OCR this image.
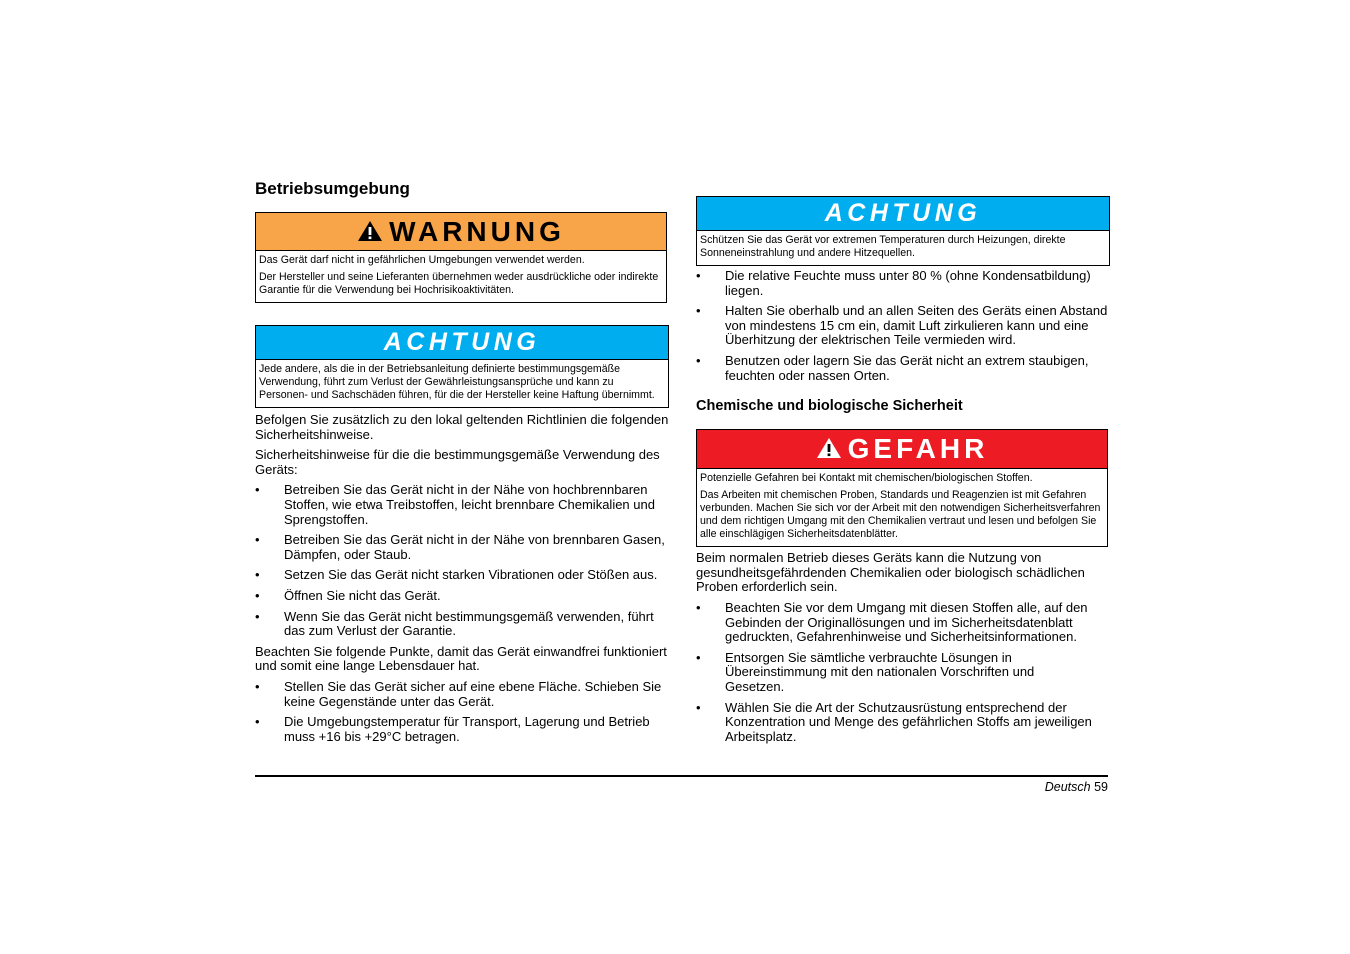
Betriebsumgebung
WARNUNG

Das Gerät darf nicht in gefährlichen Umgebungen verwendet werden.

Der Hersteller und seine Lieferanten übernehmen weder ausdrückliche oder indirekte Garantie für die Verwendung bei Hochrisikoaktivitäten.

ACHTUNG

Jede andere, als die in der Betriebsanleitung definierte bestimmungsgemäße Verwendung, führt zum Verlust der Gewährleistungsansprüche und kann zu Personen- und Sachschäden führen, für die der Hersteller keine Haftung übernimmt.

Befolgen Sie zusätzlich zu den lokal geltenden Richtlinien die folgenden Sicherheitshinweise.

Sicherheitshinweise für die die bestimmungsgemäße Verwendung des Geräts:

• Betreiben Sie das Gerät nicht in der Nähe von hochbrennbaren Stoffen, wie etwa Treibstoffen, leicht brennbare Chemikalien und Sprengstoffen.
• Betreiben Sie das Gerät nicht in der Nähe von brennbaren Gasen, Dämpfen, oder Staub.
• Setzen Sie das Gerät nicht starken Vibrationen oder Stößen aus.
• Öffnen Sie nicht das Gerät.
• Wenn Sie das Gerät nicht bestimmungsgemäß verwenden, führt das zum Verlust der Garantie.

Beachten Sie folgende Punkte, damit das Gerät einwandfrei funktioniert und somit eine lange Lebensdauer hat.

• Stellen Sie das Gerät sicher auf eine ebene Fläche. Schieben Sie keine Gegenstände unter das Gerät.
• Die Umgebungstemperatur für Transport, Lagerung und Betrieb muss +16 bis +29°C betragen.
ACHTUNG

Schützen Sie das Gerät vor extremen Temperaturen durch Heizungen, direkte Sonneneinstrahlung und andere Hitzequellen.

• Die relative Feuchte muss unter 80 % (ohne Kondensatbildung) liegen.
• Halten Sie oberhalb und an allen Seiten des Geräts einen Abstand von mindestens 15 cm ein, damit Luft zirkulieren kann und eine Überhitzung der elektrischen Teile vermieden wird.
• Benutzen oder lagern Sie das Gerät nicht an extrem staubigen, feuchten oder nassen Orten.
Chemische und biologische Sicherheit
GEFAHR

Potenzielle Gefahren bei Kontakt mit chemischen/biologischen Stoffen.

Das Arbeiten mit chemischen Proben, Standards und Reagenzien ist mit Gefahren verbunden. Machen Sie sich vor der Arbeit mit den notwendigen Sicherheitsverfahren und dem richtigen Umgang mit den Chemikalien vertraut und lesen und befolgen Sie alle einschlägigen Sicherheitsdatenblätter.

Beim normalen Betrieb dieses Geräts kann die Nutzung von gesundheitsgefährdenden Chemikalien oder biologisch schädlichen Proben erforderlich sein.

• Beachten Sie vor dem Umgang mit diesen Stoffen alle, auf den Gebinden der Originallösungen und im Sicherheitsdatenblatt gedruckten, Gefahrenhinweise und Sicherheitsinformationen.
• Entsorgen Sie sämtliche verbrauchte Lösungen in Übereinstimmung mit den nationalen Vorschriften und Gesetzen.
• Wählen Sie die Art der Schutzausrüstung entsprechend der Konzentration und Menge des gefährlichen Stoffs am jeweiligen Arbeitsplatz.
Deutsch 59
